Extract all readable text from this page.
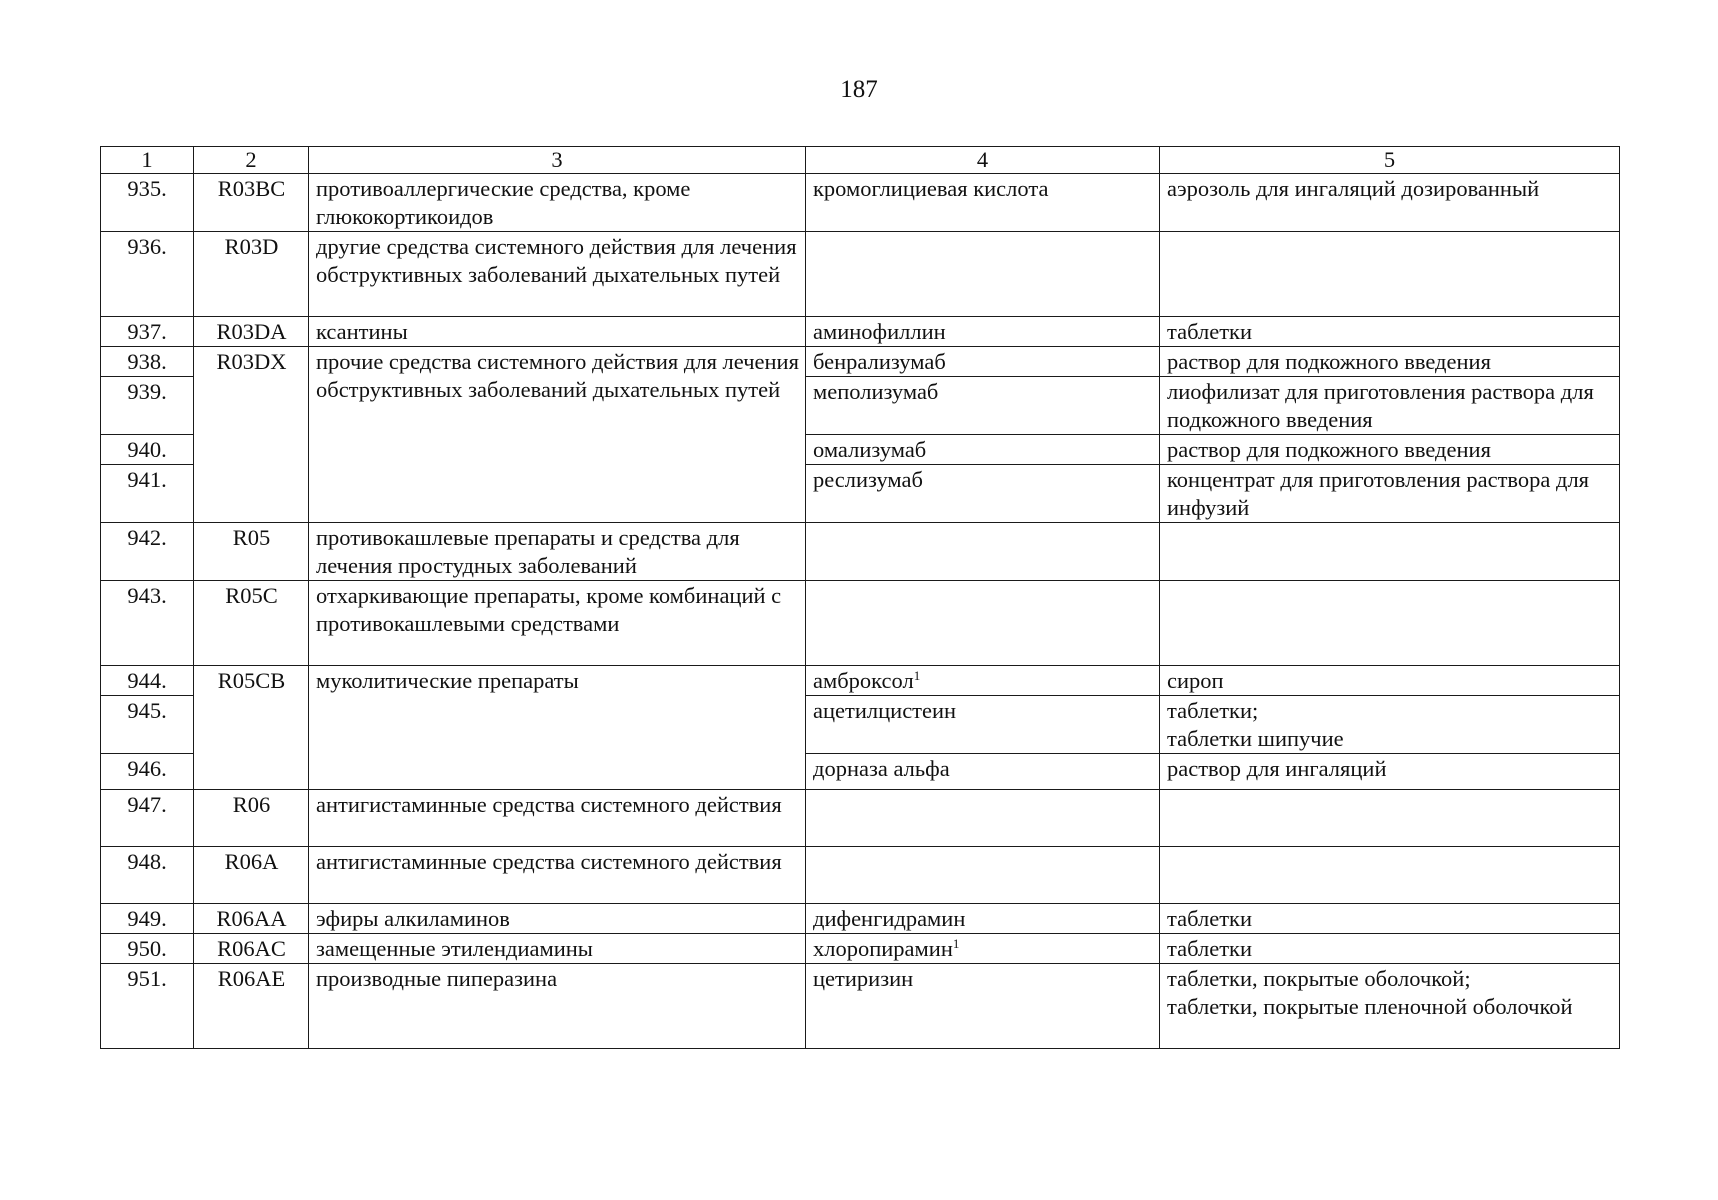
187
1	2	3	4	5
935.	R03BC	противоаллергические средства, кроме глюкокортикоидов	кромоглициевая кислота	аэрозоль для ингаляций дозированный
936.	R03D	другие средства системного действия для лечения обструктивных заболеваний дыхательных путей		
937.	R03DA	ксантины	аминофиллин	таблетки
938.	R03DX	прочие средства системного действия для лечения обструктивных заболеваний дыхательных путей	бенрализумаб	раствор для подкожного введения
939.			меполизумаб	лиофилизат для приготовления раствора для подкожного введения
940.			омализумаб	раствор для подкожного введения
941.			реслизумаб	концентрат для приготовления раствора для инфузий
942.	R05	противокашлевые препараты и средства для лечения простудных заболеваний		
943.	R05C	отхаркивающие препараты, кроме комбинаций с противокашлевыми средствами		
944.	R05CB	муколитические препараты	амброксол$^1$	сироп
945.			ацетилцистеин	таблетки;
таблетки шипучие

946.			дорназа альфа	раствор для ингаляций
947.	R06	антигистаминные средства системного действия		
948.	R06A	антигистаминные средства системного действия		
949.	R06AA	эфиры алкиламинов	дифенгидрамин	таблетки
950.	R06AC	замещенные этилендиамины	хлоропирамин$^1$	таблетки
951.	R06AE	производные пиперазина	цетиризин	таблетки, покрытые оболочкой;
таблетки, покрытые пленочной оболочкой
